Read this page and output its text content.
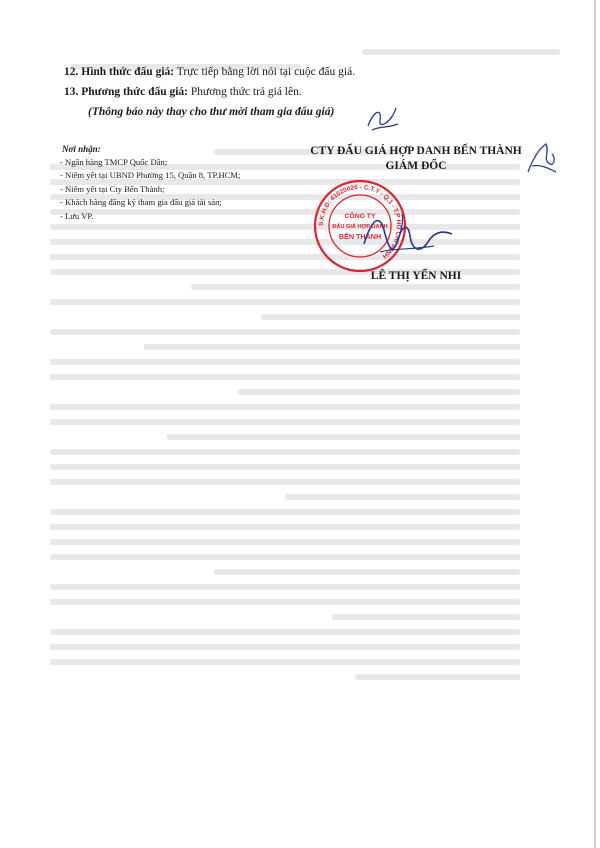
12. Hình thức đấu giá: Trực tiếp bằng lời nói tại cuộc đấu giá.
13. Phương thức đấu giá: Phương thức trả giá lên.
(Thông báo này thay cho thư mời tham gia đấu giá)
Nơi nhận:
- Ngân hàng TMCP Quốc Dân;
- Niêm yết tại UBND Phường 15, Quận 8, TP.HCM;
- Niêm yết tại Cty Bến Thành;
- Khách hàng đăng ký tham gia đấu giá tài sản;
- Lưu VP.
CTY ĐẤU GIÁ HỢP DANH BẾN THÀNH
GIÁM ĐỐC
S.K.H.Đ: 41020026 - C.T.Y - Q.1 - T.P HỒ CHÍ MINH
CÔNG TY
ĐẤU GIÁ HỢP DANH
BẾN THÀNH
LÊ THỊ YẾN NHI
